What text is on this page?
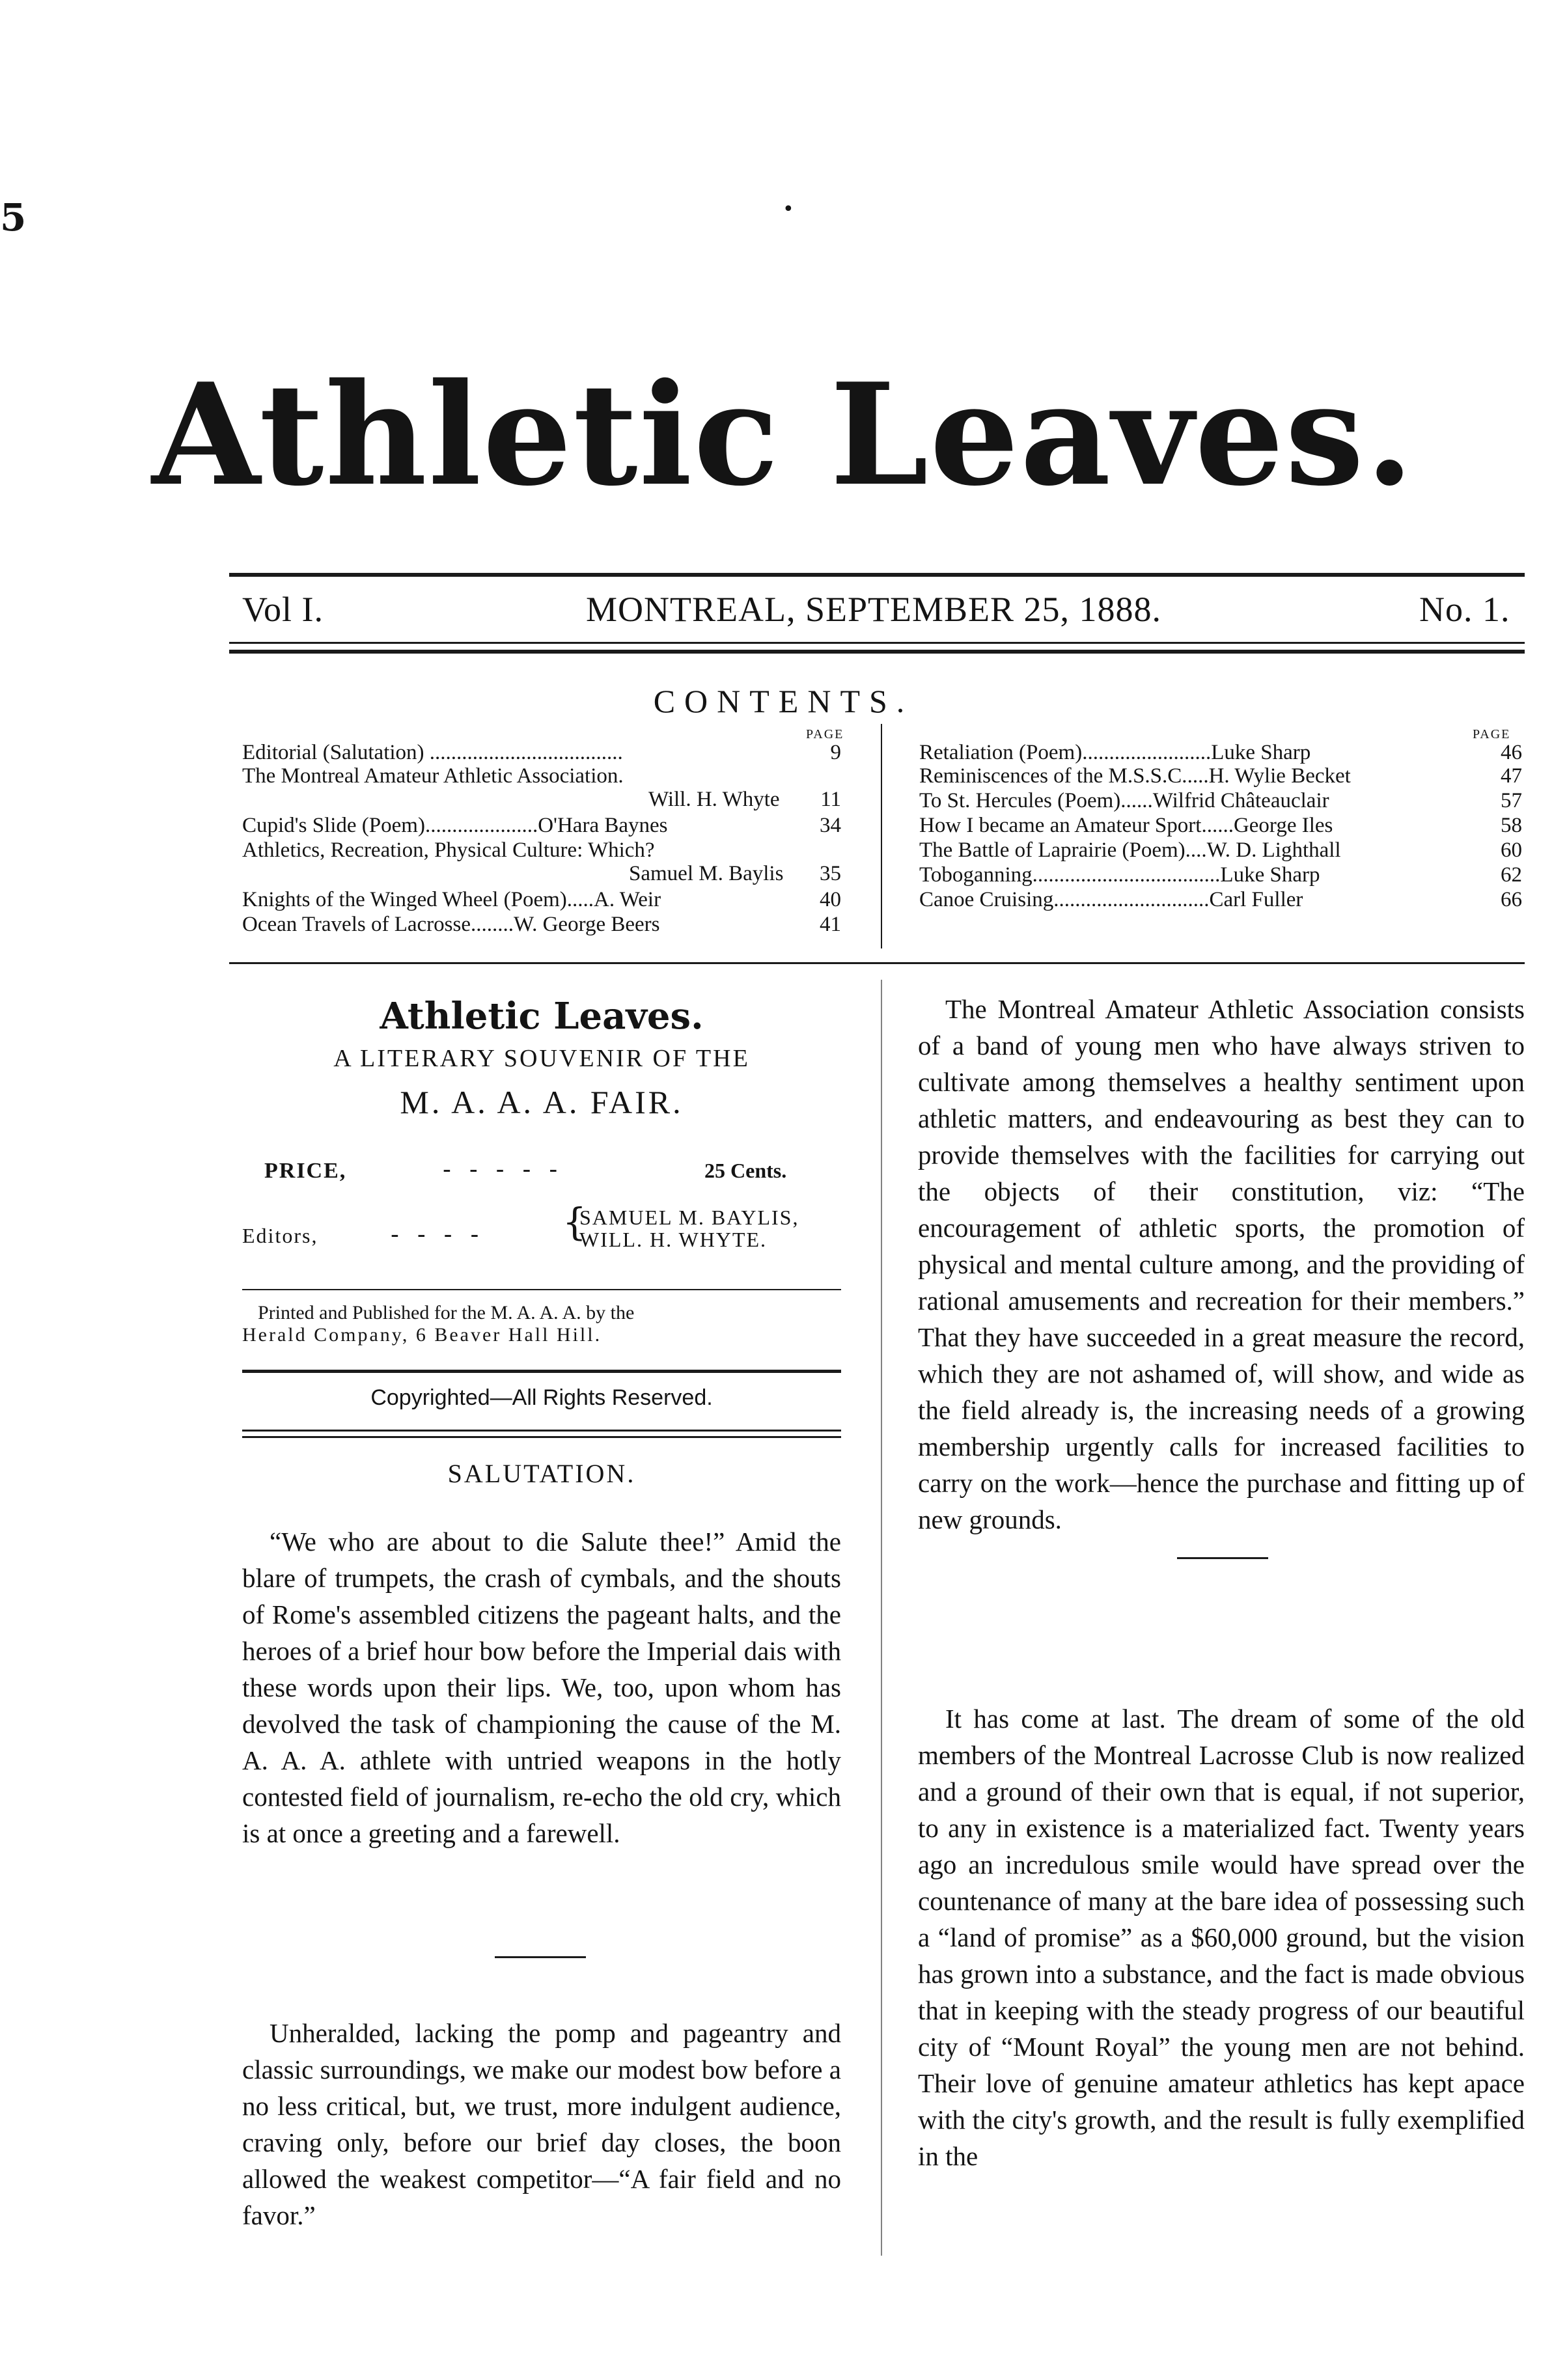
Athletic Leaves.
Vol I.	MONTREAL, SEPTEMBER 25, 1888.	No. 1.
CONTENTS.
PAGE
Editorial (Salutation) ....................................	9
The Montreal Amateur Athletic Association.
Will. H. Whyte	11
Cupid's Slide (Poem).....................O'Hara Baynes	34
Athletics, Recreation, Physical Culture: Which?
Samuel M. Baylis	35
Knights of the Winged Wheel (Poem).....A. Weir	40
Ocean Travels of Lacrosse........W. George Beers	41
PAGE
Retaliation (Poem)........................Luke Sharp	46
Reminiscences of the M.S.S.C.....H. Wylie Becket	47
To St. Hercules (Poem)......Wilfrid Châteauclair	57
How I became an Amateur Sport......George Iles	58
The Battle of Laprairie (Poem)....W. D. Lighthall	60
Toboganning...................................Luke Sharp	62
Canoe Cruising.............................Carl Fuller	66
Athletic Leaves.
A LITERARY SOUVENIR OF THE
M. A. A. A. FAIR.
PRICE,	-----	25 Cents.
Editors,	---- {
SAMUEL M. BAYLIS,
WILL. H. WHYTE.
Printed and Published for the M. A. A. A. by the
Herald Company, 6 Beaver Hall Hill.
Copyrighted—All Rights Reserved.
SALUTATION.

“We who are about to die Salute thee!” Amid the blare of trumpets, the crash of cymbals, and the shouts of Rome's assembled citizens the pageant halts, and the heroes of a brief hour bow before the Imperial dais with these words upon their lips. We, too, upon whom has devolved the task of championing the cause of the M. A. A. A. athlete with untried weapons in the hotly contested field of journalism, re-echo the old cry, which is at once a greeting and a farewell.

Unheralded, lacking the pomp and pageantry and classic surroundings, we make our modest bow before a no less critical, but, we trust, more indulgent audience, craving only, before our brief day closes, the boon allowed the weakest competitor—“A fair field and no favor.”

The Montreal Amateur Athletic Association consists of a band of young men who have always striven to cultivate among themselves a healthy sentiment upon athletic matters, and endeavouring as best they can to provide themselves with the facilities for carrying out the objects of their constitution, viz: “The encouragement of athletic sports, the promotion of physical and mental culture among, and the providing of rational amusements and recreation for their members.” That they have succeeded in a great measure the record, which they are not ashamed of, will show, and wide as the field already is, the increasing needs of a growing membership urgently calls for increased facilities to carry on the work—hence the purchase and fitting up of new grounds.

It has come at last. The dream of some of the old members of the Montreal Lacrosse Club is now realized and a ground of their own that is equal, if not superior, to any in existence is a materialized fact. Twenty years ago an incredulous smile would have spread over the countenance of many at the bare idea of possessing such a “land of promise” as a $60,000 ground, but the vision has grown into a substance, and the fact is made obvious that in keeping with the steady progress of our beautiful city of “Mount Royal” the young men are not behind. Their love of genuine amateur athletics has kept apace with the city's growth, and the result is fully exemplified in the

5	•
